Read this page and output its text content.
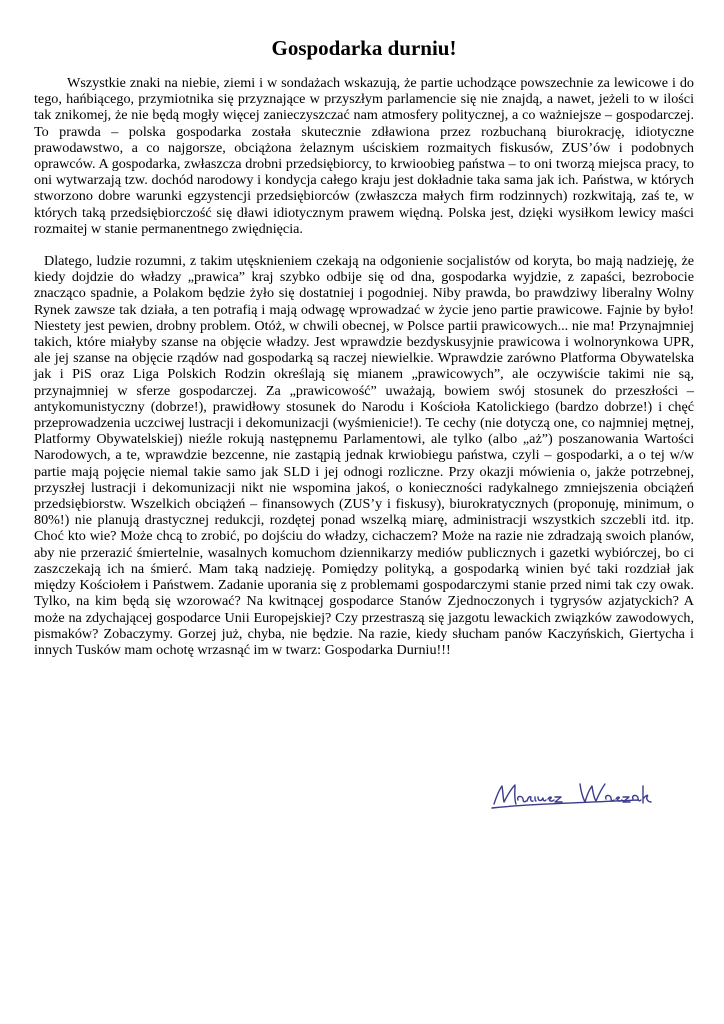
Gospodarka durniu!

Wszystkie znaki na niebie, ziemi i w sondażach wskazują, że partie uchodzące powszechnie za lewicowe i do tego, hańbiącego, przymiotnika się przyznające w przyszłym parlamencie się nie znajdą, a nawet, jeżeli to w ilości tak znikomej, że nie będą mogły więcej zanieczyszczać nam atmosfery politycznej, a co ważniejsze – gospodarczej. To prawda – polska gospodarka została skutecznie zdławiona przez rozbuchaną biurokrację, idiotyczne prawodawstwo, a co najgorsze, obciążona żelaznym uściskiem rozmaitych fiskusów, ZUS’ów i podobnych oprawców. A gospodarka, zwłaszcza drobni przedsiębiorcy, to krwioobieg państwa – to oni tworzą miejsca pracy, to oni wytwarzają tzw. dochód narodowy i kondycja całego kraju jest dokładnie taka sama jak ich. Państwa, w których stworzono dobre warunki egzystencji przedsiębiorców (zwłaszcza małych firm rodzinnych) rozkwitają, zaś te, w których taką przedsiębiorczość się dławi idiotycznym prawem więdną. Polska jest, dzięki wysiłkom lewicy maści rozmaitej w stanie permanentnego zwiędnięcia.

Dlatego, ludzie rozumni, z takim utęsknieniem czekają na odgonienie socjalistów od koryta, bo mają nadzieję, że kiedy dojdzie do władzy „prawica” kraj szybko odbije się od dna, gospodarka wyjdzie, z zapaści, bezrobocie znacząco spadnie, a Polakom będzie żyło się dostatniej i pogodniej. Niby prawda, bo prawdziwy liberalny Wolny Rynek zawsze tak działa, a ten potrafią i mają odwagę wprowadzać w życie jeno partie prawicowe. Fajnie by było! Niestety jest pewien, drobny problem. Otóż, w chwili obecnej, w Polsce partii prawicowych... nie ma! Przynajmniej takich, które miałyby szanse na objęcie władzy. Jest wprawdzie bezdyskusyjnie prawicowa i wolnorynkowa UPR, ale jej szanse na objęcie rządów nad gospodarką są raczej niewielkie. Wprawdzie zarówno Platforma Obywatelska jak i PiS oraz Liga Polskich Rodzin określają się mianem „prawicowych”, ale oczywiście takimi nie są, przynajmniej w sferze gospodarczej. Za „prawicowość” uważają, bowiem swój stosunek do przeszłości – antykomunistyczny (dobrze!), prawidłowy stosunek do Narodu i Kościoła Katolickiego (bardzo dobrze!) i chęć przeprowadzenia uczciwej lustracji i dekomunizacji (wyśmienicie!). Te cechy (nie dotyczą one, co najmniej mętnej, Platformy Obywatelskiej) nieźle rokują następnemu Parlamentowi, ale tylko (albo „aż”) poszanowania Wartości Narodowych, a te, wprawdzie bezcenne, nie zastąpią jednak krwiobiegu państwa, czyli – gospodarki, a o tej w/w partie mają pojęcie niemal takie samo jak SLD i jej odnogi rozliczne. Przy okazji mówienia o, jakże potrzebnej, przyszłej lustracji i dekomunizacji nikt nie wspomina jakoś, o konieczności radykalnego zmniejszenia obciążeń przedsiębiorstw. Wszelkich obciążeń – finansowych (ZUS’y i fiskusy), biurokratycznych (proponuję, minimum, o 80%!) nie planują drastycznej redukcji, rozdętej ponad wszelką miarę, administracji wszystkich szczebli itd. itp. Choć kto wie? Może chcą to zrobić, po dojściu do władzy, cichaczem? Może na razie nie zdradzają swoich planów, aby nie przerazić śmiertelnie, wasalnych komuchom dziennikarzy mediów publicznych i gazetki wybiórczej, bo ci zaszczekają ich na śmierć. Mam taką nadzieję. Pomiędzy polityką, a gospodarką winien być taki rozdział jak między Kościołem i Państwem. Zadanie uporania się z problemami gospodarczymi stanie przed nimi tak czy owak. Tylko, na kim będą się wzorować? Na kwitnącej gospodarce Stanów Zjednoczonych i tygrysów azjatyckich? A może na zdychającej gospodarce Unii Europejskiej? Czy przestraszą się jazgotu lewackich związków zawodowych, pismaków? Zobaczymy. Gorzej już, chyba, nie będzie. Na razie, kiedy słucham panów Kaczyńskich, Giertycha i innych Tusków mam ochotę wrzasnąć im w twarz: Gospodarka Durniu!!!
